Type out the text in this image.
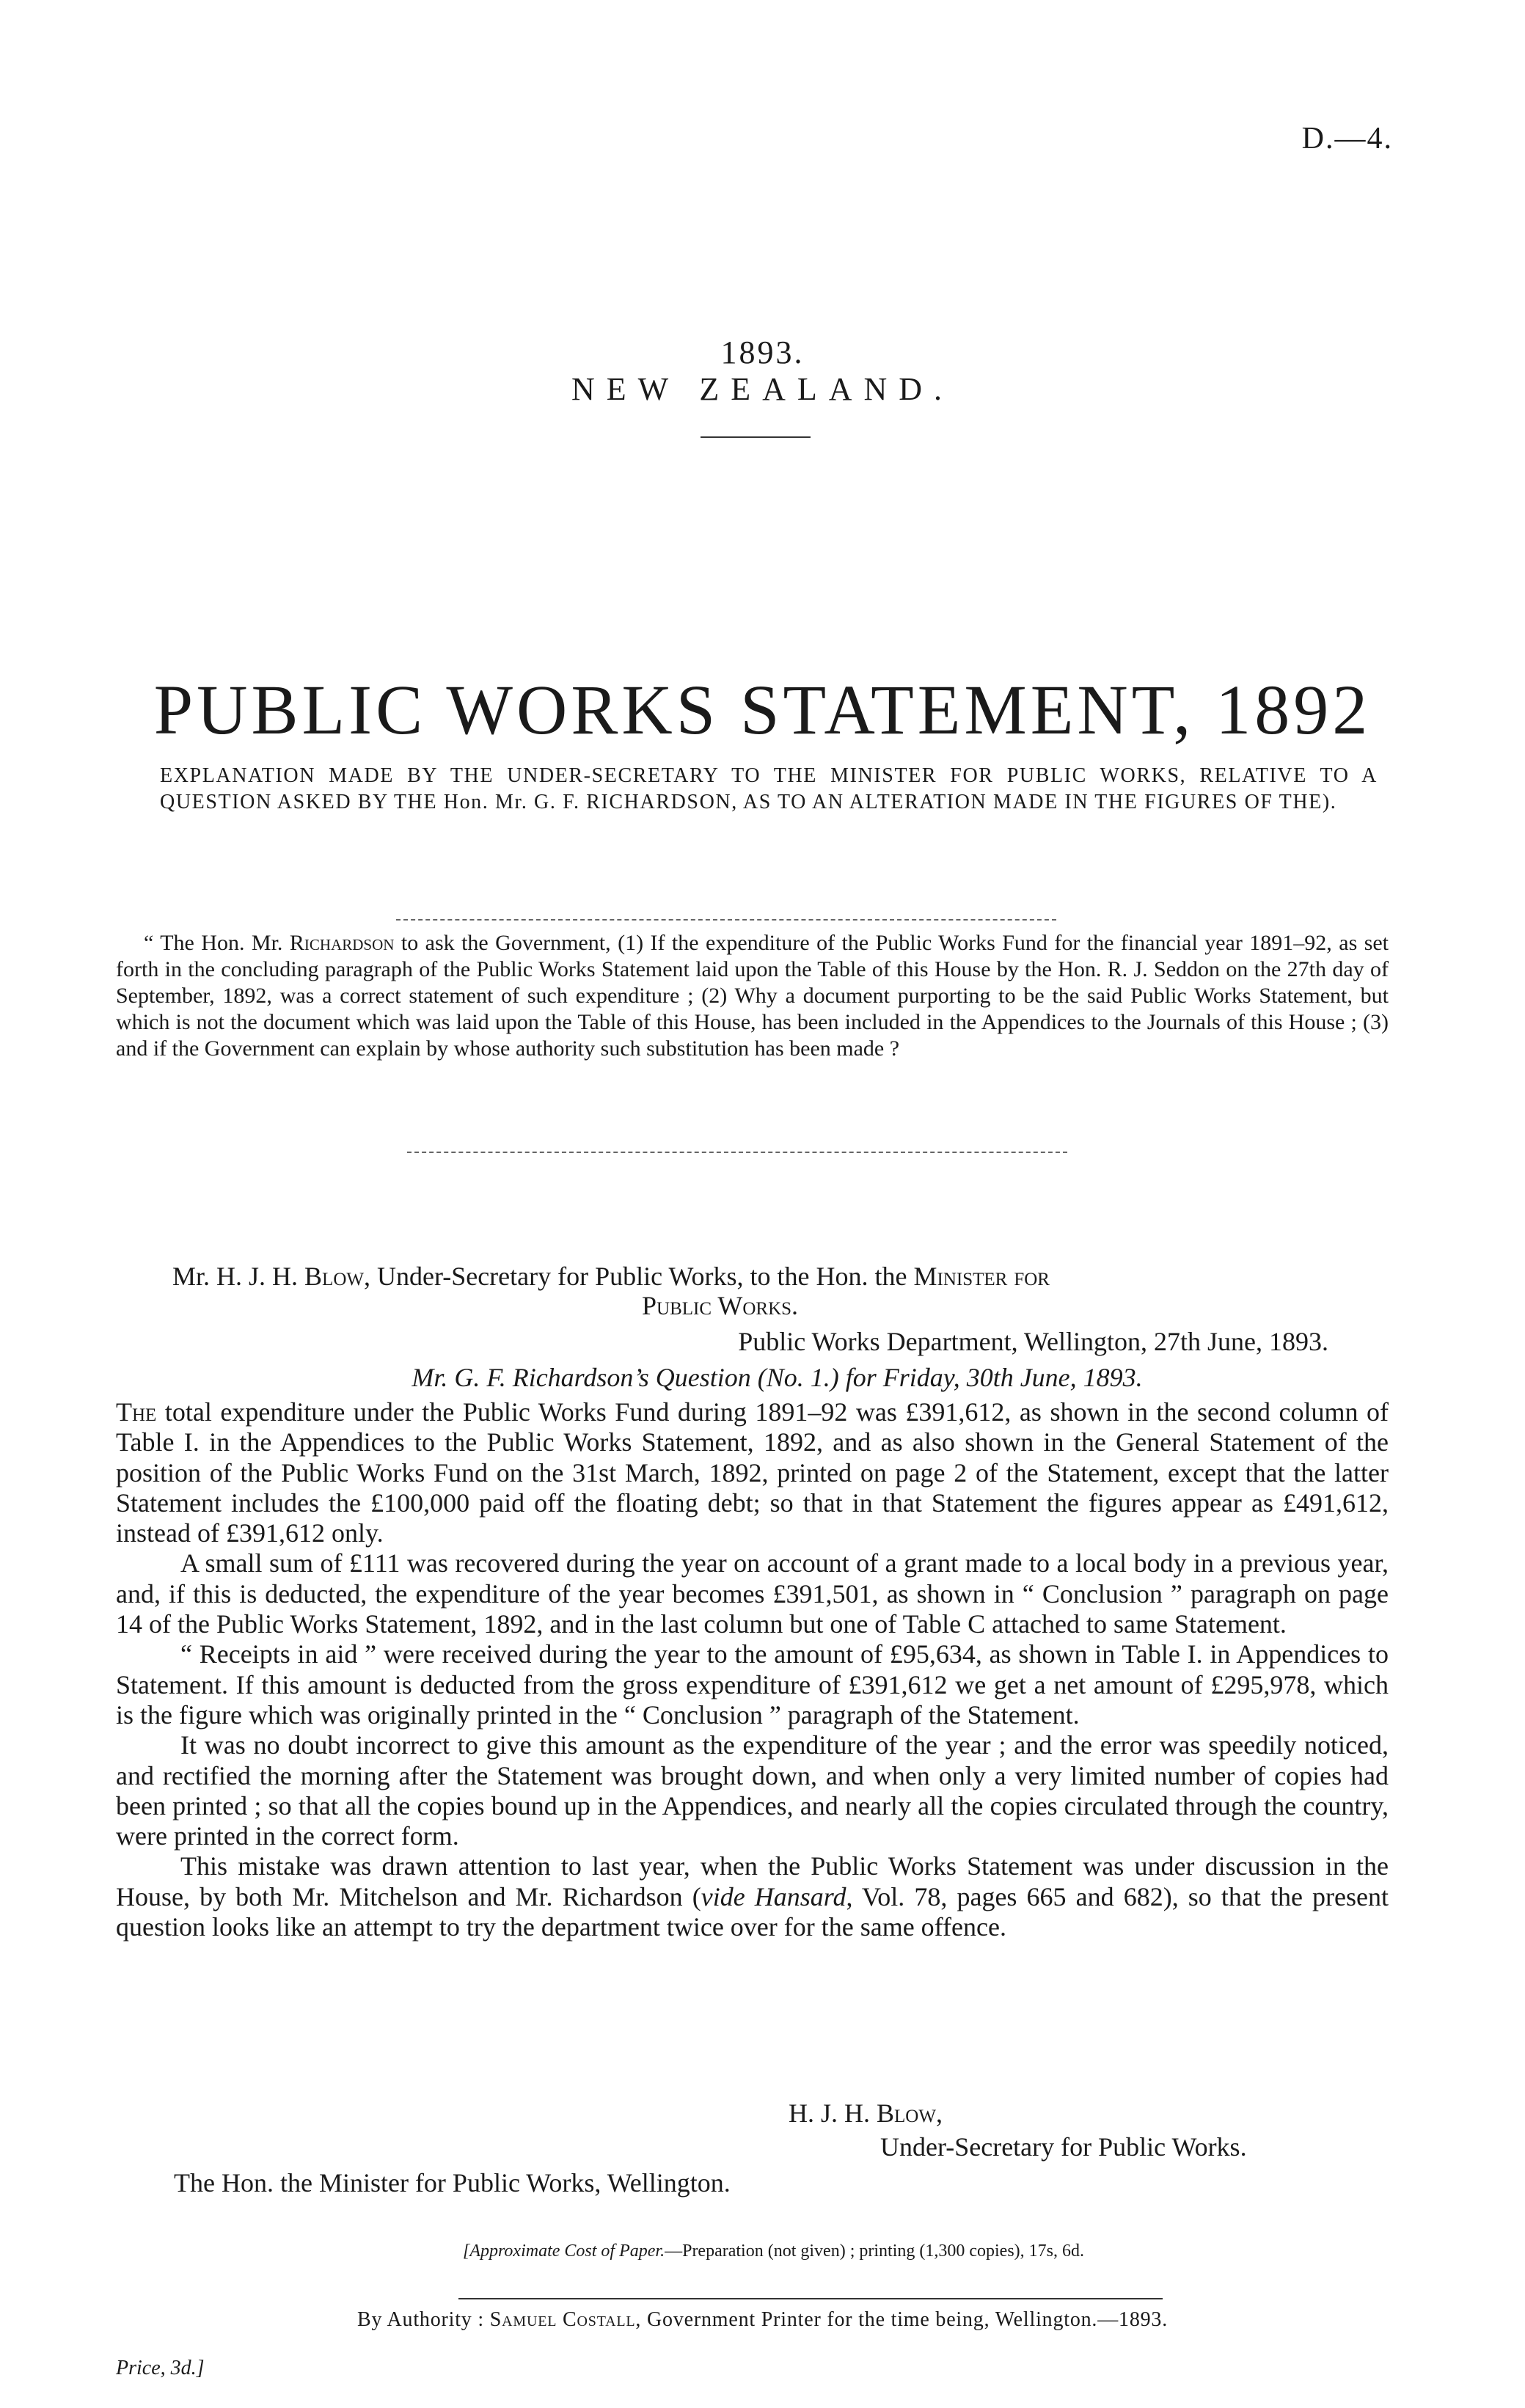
D.—4.
1893.
NEW ZEALAND.
PUBLIC WORKS STATEMENT, 1892
EXPLANATION MADE BY THE UNDER-SECRETARY TO THE MINISTER FOR PUBLIC WORKS, RELATIVE TO A QUESTION ASKED BY THE Hon. Mr. G. F. RICHARDSON, AS TO AN ALTERATION MADE IN THE FIGURES OF THE).

“ The Hon. Mr. Richardson to ask the Government, (1) If the expenditure of the Public Works Fund for the financial year 1891–92, as set forth in the concluding paragraph of the Public Works Statement laid upon the Table of this House by the Hon. R. J. Seddon on the 27th day of September, 1892, was a correct statement of such expenditure ; (2) Why a document purporting to be the said Public Works Statement, but which is not the document which was laid upon the Table of this House, has been included in the Appendices to the Journals of this House ; (3) and if the Government can explain by whose authority such substitution has been made ?

Mr. H. J. H. Blow, Under-Secretary for Public Works, to the Hon. the Minister for
Public Works.
Public Works Department, Wellington, 27th June, 1893.
Mr. G. F. Richardson’s Question (No. 1.) for Friday, 30th June, 1893.

The total expenditure under the Public Works Fund during 1891–92 was £391,612, as shown in the second column of Table I. in the Appendices to the Public Works Statement, 1892, and as also shown in the General Statement of the position of the Public Works Fund on the 31st March, 1892, printed on page 2 of the Statement, except that the latter Statement includes the £100,000 paid off the floating debt; so that in that Statement the figures appear as £491,612, instead of £391,612 only.

A small sum of £111 was recovered during the year on account of a grant made to a local body in a previous year, and, if this is deducted, the expenditure of the year becomes £391,501, as shown in “ Conclusion ” paragraph on page 14 of the Public Works Statement, 1892, and in the last column but one of Table C attached to same Statement.

“ Receipts in aid ” were received during the year to the amount of £95,634, as shown in Table I. in Appendices to Statement. If this amount is deducted from the gross expenditure of £391,612 we get a net amount of £295,978, which is the figure which was originally printed in the “ Conclusion ” paragraph of the Statement.

It was no doubt incorrect to give this amount as the expenditure of the year ; and the error was speedily noticed, and rectified the morning after the Statement was brought down, and when only a very limited number of copies had been printed ; so that all the copies bound up in the Appendices, and nearly all the copies circulated through the country, were printed in the correct form.

This mistake was drawn attention to last year, when the Public Works Statement was under discussion in the House, by both Mr. Mitchelson and Mr. Richardson (vide Hansard, Vol. 78, pages 665 and 682), so that the present question looks like an attempt to try the department twice over for the same offence.

H. J. H. Blow,
Under-Secretary for Public Works.
The Hon. the Minister for Public Works, Wellington.
[Approximate Cost of Paper.—Preparation (not given) ; printing (1,300 copies), 17s, 6d.
By Authority : Samuel Costall, Government Printer for the time being, Wellington.—1893.
Price, 3d.]
